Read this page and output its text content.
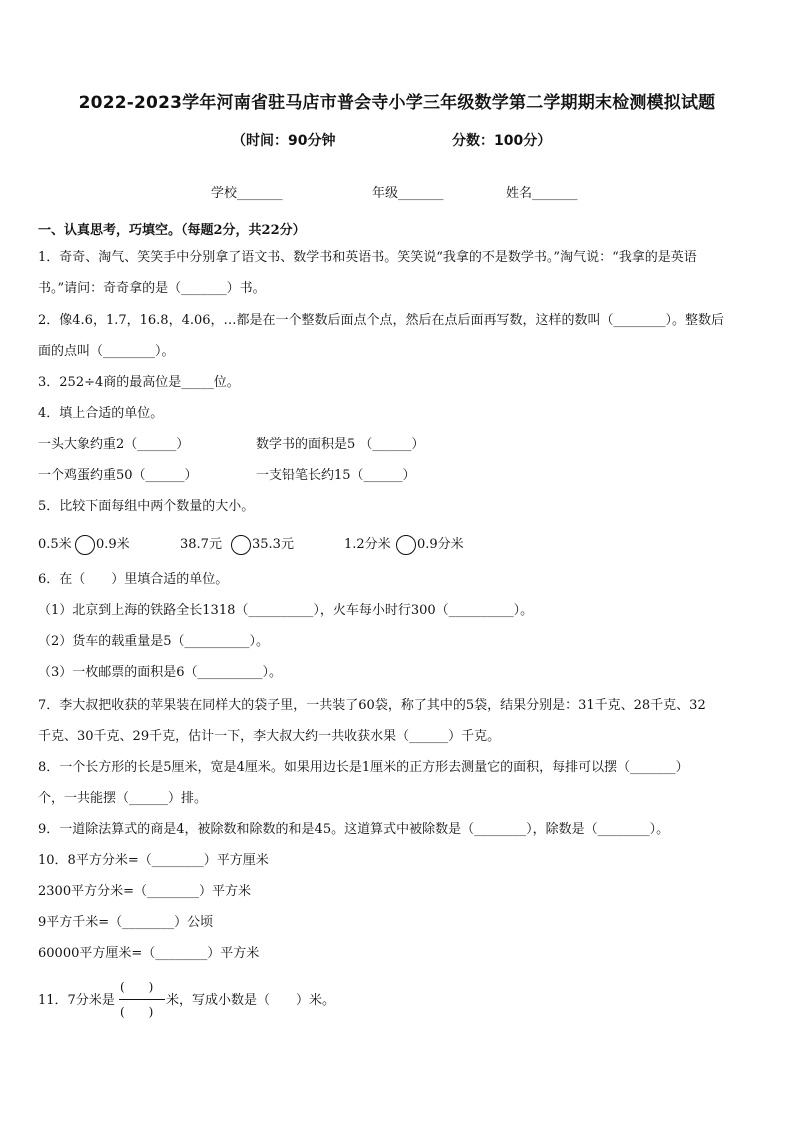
2022-2023学年河南省驻马店市普会寺小学三年级数学第二学期期末检测模拟试题
（时间：90分钟	分数：100分）
学校_______	年级_______	姓名_______
一、认真思考，巧填空。（每题2分，共22分）
1．奇奇、淘气、笑笑手中分别拿了语文书、数学书和英语书。笑笑说“我拿的不是数学书。”淘气说：“我拿的是英语
书。”请问：奇奇拿的是（_______）书。
2．像4.6，1.7，16.8，4.06，…都是在一个整数后面点个点，然后在点后面再写数，这样的数叫（________）。整数后
面的点叫（________）。
3．252÷4商的最高位是_____位。
4．填上合适的单位。
一头大象约重2（______）	数学书的面积是5 （______）
一个鸡蛋约重50（______）	一支铅笔长约15（______）
5．比较下面每组中两个数量的大小。
0.5米 0.9米	38.7元 35.3元	1.2分米 0.9分米
6．在（　　）里填合适的单位。
（1）北京到上海的铁路全长1318（__________），火车每小时行300（__________）。
（2）货车的载重量是5（__________）。
（3）一枚邮票的面积是6（__________）。
7．李大叔把收获的苹果装在同样大的袋子里，一共装了60袋，称了其中的5袋，结果分别是：31千克、28千克、32
千克、30千克、29千克，估计一下，李大叔大约一共收获水果（______）千克。
8．一个长方形的长是5厘米，宽是4厘米。如果用边长是1厘米的正方形去测量它的面积，每排可以摆（_______）
个，一共能摆（______）排。
9．一道除法算式的商是4，被除数和除数的和是45。这道算式中被除数是（________），除数是（________）。
10．8平方分米=（________）平方厘米
2300平方分米=（________）平方米
9平方千米=（________）公顷
60000平方厘米=（________）平方米
11．7分米是
(　　)
(　　)
米，写成小数是（　　）米。
